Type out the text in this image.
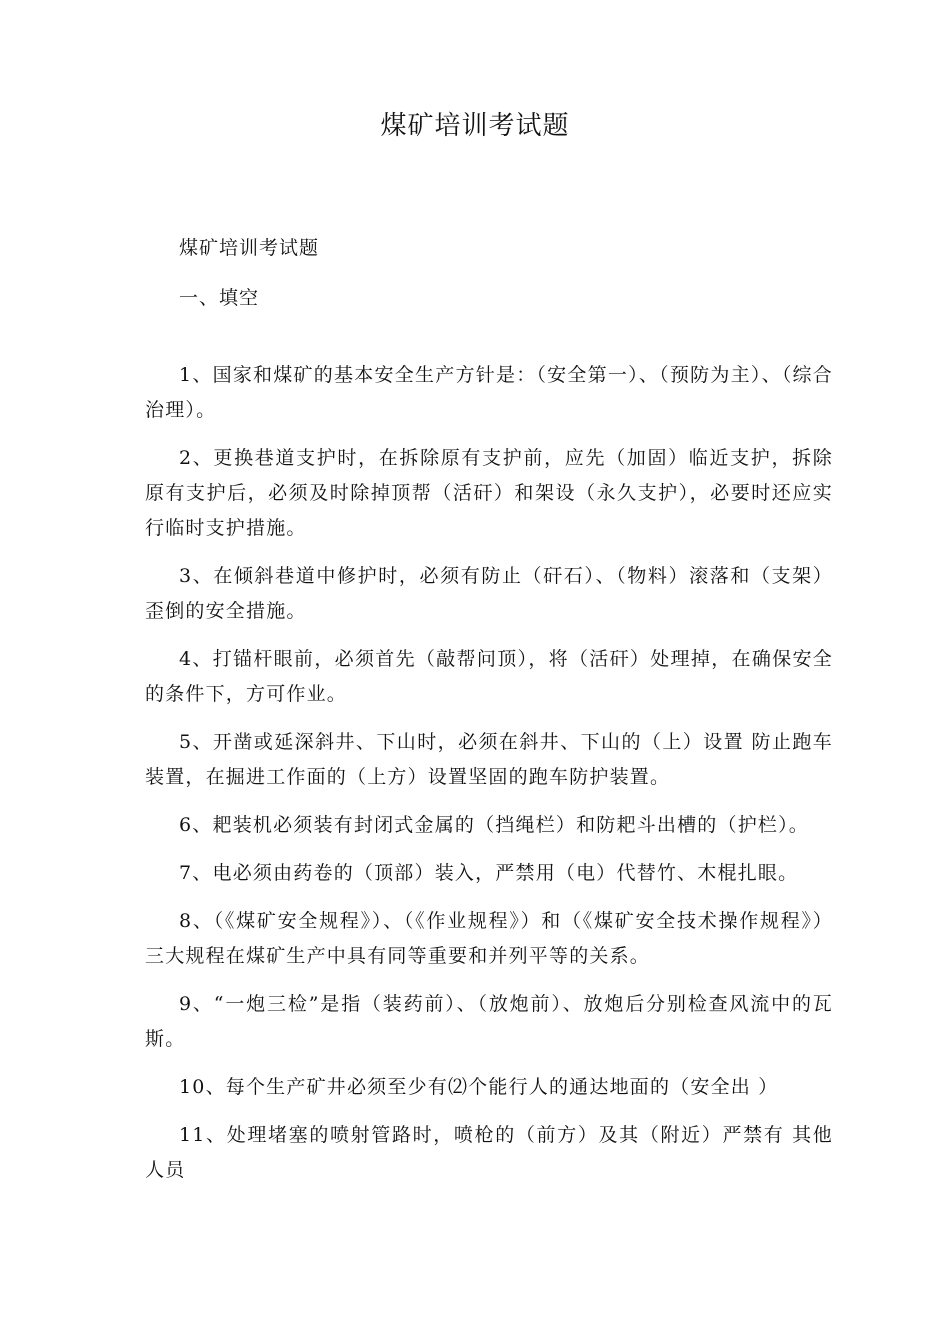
煤矿培训考试题

煤矿培训考试题

一、填空

1、国家和煤矿的基本安全生产方针是：（安全第一）、（预防为主）、（综合治理）。
2、更换巷道支护时，在拆除原有支护前，应先（加固）临近支护，拆除原有支护后，必须及时除掉顶帮（活矸）和架设（永久支护），必要时还应实行临时支护措施。
3、在倾斜巷道中修护时，必须有防止（矸石）、（物料）滚落和（支架）歪倒的安全措施。
4、打锚杆眼前，必须首先（敲帮问顶），将（活矸）处理掉，在确保安全的条件下，方可作业。
5、开凿或延深斜井、下山时，必须在斜井、下山的（上）设置 防止跑车装置，在掘进工作面的（上方）设置坚固的跑车防护装置。
6、耙装机必须装有封闭式金属的（挡绳栏）和防耙斗出槽的（护栏）。
7、电必须由药卷的（顶部）装入，严禁用（电）代替竹、木棍扎眼。
8、（《煤矿安全规程》）、（《作业规程》）和（《煤矿安全技术操作规程》）三大规程在煤矿生产中具有同等重要和并列平等的关系。
9、“一炮三检”是指（装药前）、（放炮前）、放炮后分别检查风流中的瓦斯。
10、每个生产矿井必须至少有⑵个能行人的通达地面的（安全出 ）
11、处理堵塞的喷射管路时，喷枪的（前方）及其（附近）严禁有 其他人员
